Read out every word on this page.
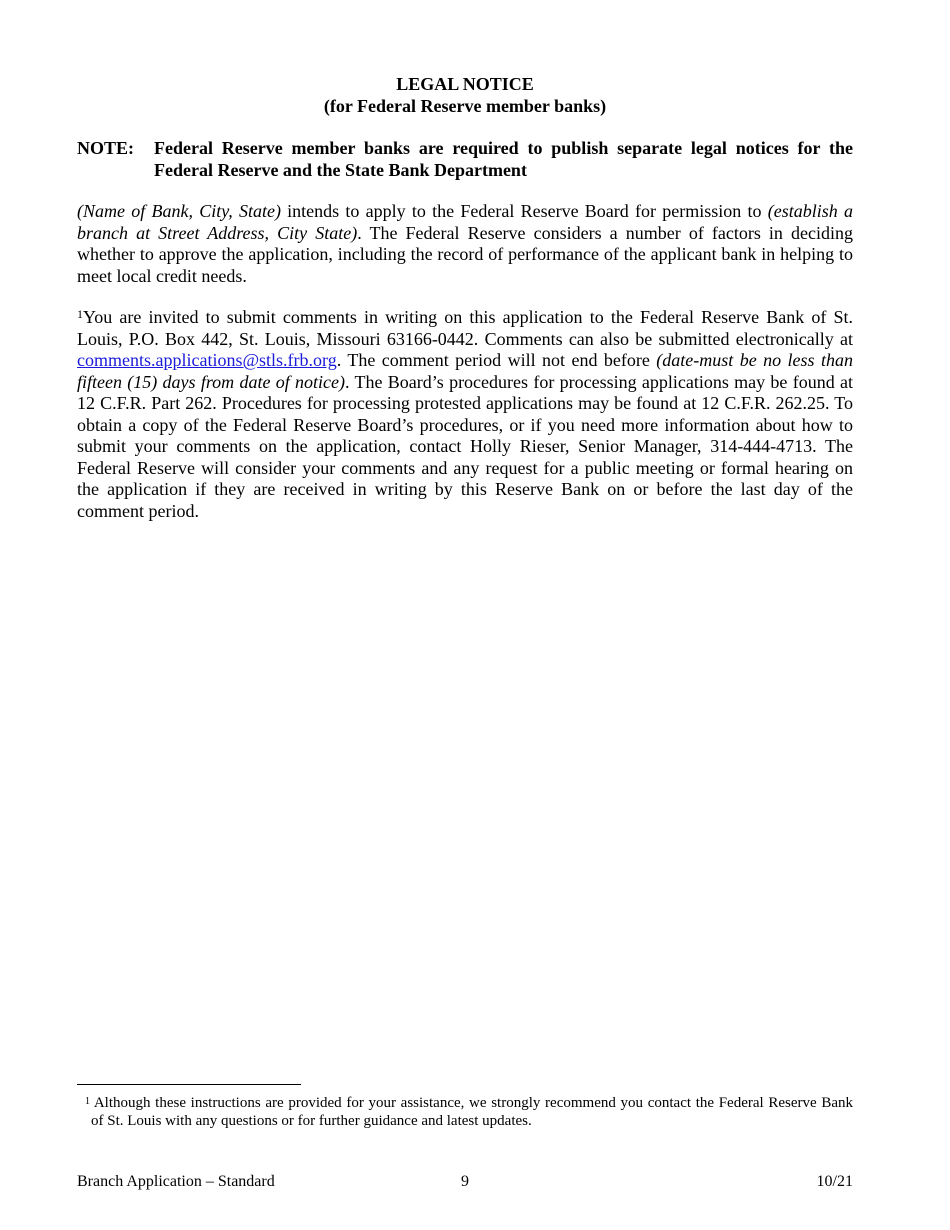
LEGAL NOTICE
(for Federal Reserve member banks)
NOTE:	Federal Reserve member banks are required to publish separate legal notices for the Federal Reserve and the State Bank Department

(Name of Bank, City, State) intends to apply to the Federal Reserve Board for permission to (establish a branch at Street Address, City State). The Federal Reserve considers a number of factors in deciding whether to approve the application, including the record of performance of the applicant bank in helping to meet local credit needs.

$^1$You are invited to submit comments in writing on this application to the Federal Reserve Bank of St. Louis, P.O. Box 442, St. Louis, Missouri 63166-0442. Comments can also be submitted electronically at comments.applications@stls.frb.org. The comment period will not end before (date-must be no less than fifteen (15) days from date of notice). The Board’s procedures for processing applications may be found at 12 C.F.R. Part 262. Procedures for processing protested applications may be found at 12 C.F.R. 262.25. To obtain a copy of the Federal Reserve Board’s procedures, or if you need more information about how to submit your comments on the application, contact Holly Rieser, Senior Manager, 314-444-4713. The Federal Reserve will consider your comments and any request for a public meeting or formal hearing on the application if they are received in writing by this Reserve Bank on or before the last day of the comment period.

$^1$ Although these instructions are provided for your assistance, we strongly recommend you contact the Federal Reserve Bank of St. Louis with any questions or for further guidance and latest updates.
Branch Application – Standard	9	10/21
